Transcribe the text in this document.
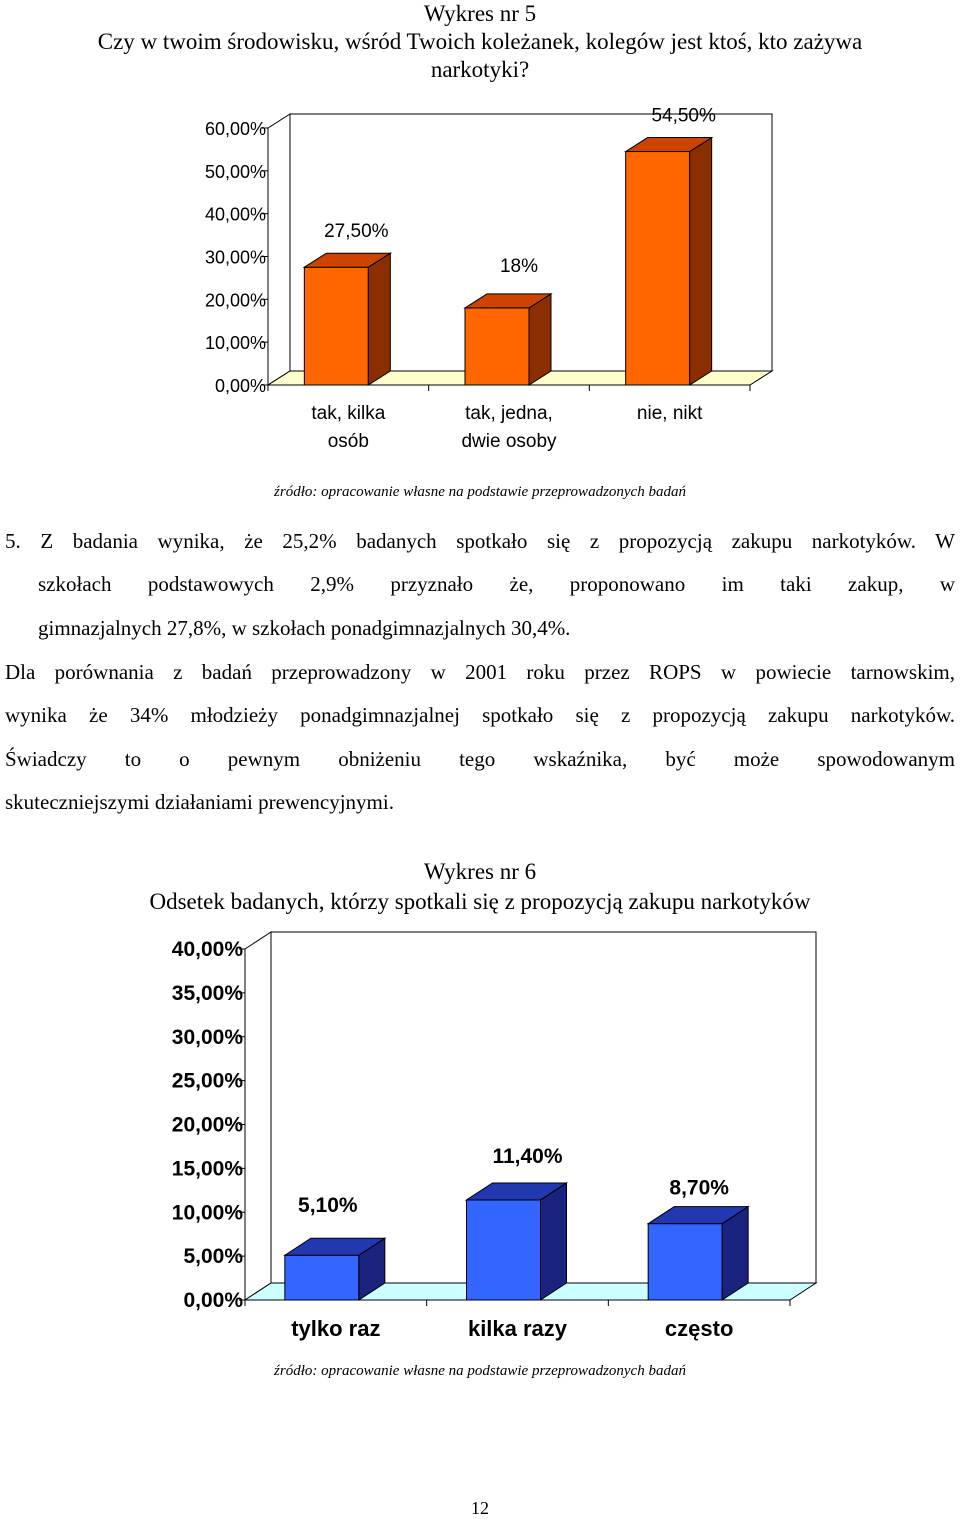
Wykres nr 5
Czy w twoim środowisku, wśród Twoich koleżanek, kolegów jest ktoś, kto zażywa
narkotyki?
0,00%
10,00%
20,00%
30,00%
40,00%
50,00%
60,00%
27,50%
tak, kilka
osób
18%
tak, jedna,
dwie osoby
54,50%
nie, nikt
źródło: opracowanie własne na podstawie przeprowadzonych badań
5. Z badania wynika, że 25,2% badanych spotkało się z propozycją zakupu narkotyków. W
szkołach podstawowych 2,9% przyznało że, proponowano im taki zakup, w
gimnazjalnych 27,8%, w szkołach ponadgimnazjalnych 30,4%.
Dla porównania z badań przeprowadzony w 2001 roku przez ROPS w powiecie tarnowskim,
wynika że 34% młodzieży ponadgimnazjalnej spotkało się z propozycją zakupu narkotyków.
Świadczy to o pewnym obniżeniu tego wskaźnika, być może spowodowanym
skuteczniejszymi działaniami prewencyjnymi.
Wykres nr 6
Odsetek badanych, którzy spotkali się z propozycją zakupu narkotyków
0,00%
5,00%
10,00%
15,00%
20,00%
25,00%
30,00%
35,00%
40,00%
5,10%
tylko raz
11,40%
kilka razy
8,70%
często
źródło: opracowanie własne na podstawie przeprowadzonych badań
12
